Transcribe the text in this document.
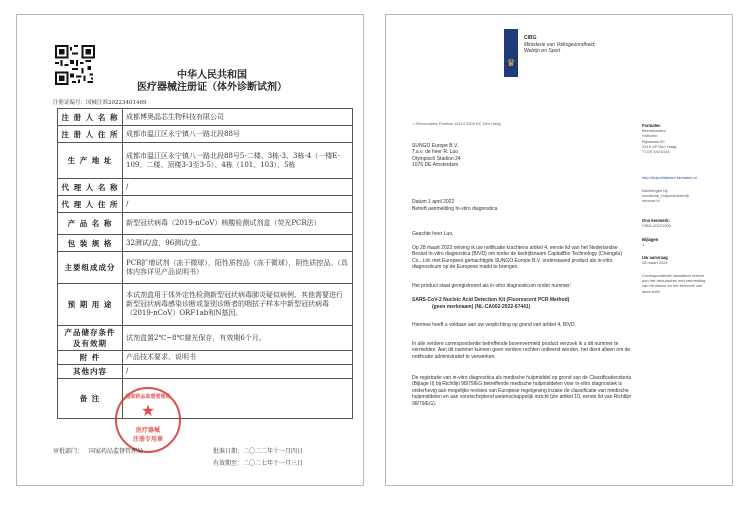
中华人民共和国
医疗器械注册证（体外诊断试剂）
注册证编号：国械注准20223401469
注 册 人 名 称	成都博奥晶芯生物科技有限公司
注 册 人 住 所	成都市温江区永宁镇八一路北段88号
生 产 地 址	成都市温江区永宁镇八一路北段88号5-二楼、3栋-3、3栋-4（一楼E-109、二楼、顶楼3-3至3-5）、4栋（101、103）、5栋
代 理 人 名 称	/
代 理 人 住 所	/
产 品 名 称	新型冠状病毒（2019-nCoV）核酸检测试剂盒（荧光PCR法）
包 装 规 格	32测试/盒，96测试/盒。
主要组成成分	PCR扩增试剂（冻干微球），阳性质控品（冻干微球），阴性质控品。（具体内容详见产品说明书）
预 期 用 途	本试剂盒用于体外定性检测新型冠状病毒肺炎疑似病例、其他需要进行新型冠状病毒感染诊断或鉴别诊断者的咽拭子样本中新型冠状病毒（2019-nCoV）ORF1ab和N基因。
产品储存条件及有效期	试剂盒置2℃~8℃避光保存，有效期6个月。
附 件	产品技术要求、说明书
其他内容	/
备 注		国家药品监督管理局
★
医疗器械
注册专用章
审批部门： 国家药品监督管理局	批准日期：二〇二二年十一月四日
有效期至：二〇二七年十一月三日
♛
CIBG
Ministerie van Volksgezondheid,
Welzijn en Sport
> Retouradres Postbus 16114 2500 BC Den Haag
SUNGO Europe B.V.
T.a.v. de heer R. Luo
Olympisch Stadion 24
1076 DE Amsterdam
Datum 1 april 2022
Betreft aanmelding In-vitro diagnostica
Geachte heer Luo,
Op 28 maart 2022 ontving ik uw notificatie krachtens artikel 4, eerste lid van het Nederlandse Besluit In-vitro diagnostica (BIVD) om onder de bedrijfsnaam CapitalBio Technology (Chengdu) Co., Ltd. met Europees gemachtigde SUNGO Europe B.V. onderstaand product als in-vitro diagnosticum op de Europese markt te brengen.
Het product staat geregistreerd als in-vitro diagnosticum onder nummer:
SARS-CoV-2 Nucleic Acid Detection Kit (Fluorescent PCR Method)
(geen merknaam) (NL-CA002-2022-67441)
Hiermee heeft u voldaan aan uw verplichting op grond van artikel 4, BIVD.
In alle verdere correspondentie betreffende bovenvermeld product verzoek ik u dit nummer te vermelden. Aan dit nummer kunnen geen verdere rechten ontleend worden, het dient alleen om de notificatie administratief te verwerken.
De registratie van in-vitro diagnostica als medische hulpmiddel op grond van de Classificatiecriteria (Bijlage II) bij Richtlijn 98/79/EG betreffende medische hulpmiddelen voor in-vitro diagnostiek is onderhevig aan mogelijke revisies van Europese regelgeving inzake de classificatie van medische hulpmiddelen en aan voortschrijdend wetenschappelijk inzicht (zie artikel 10, eerste lid van Richtlijn 98/79/EG).
Farmatec
Bezoekadres:
Hoftoren
Rijnstraat 50
2515 XP Den Haag
T 070 340 6161
http://hulpmiddelen.farmatec.nl
Inlichtingen bij
medische_hulpmiddelen@
minvws.nl
Ons kenmerk:
CIBG-20221000
Bijlagen
1
Uw aanvraag
28 maart 2021
Correspondentie uitsluitend richten aan het retouradres met vermelding van de datum en het kenmerk van deze brief.
